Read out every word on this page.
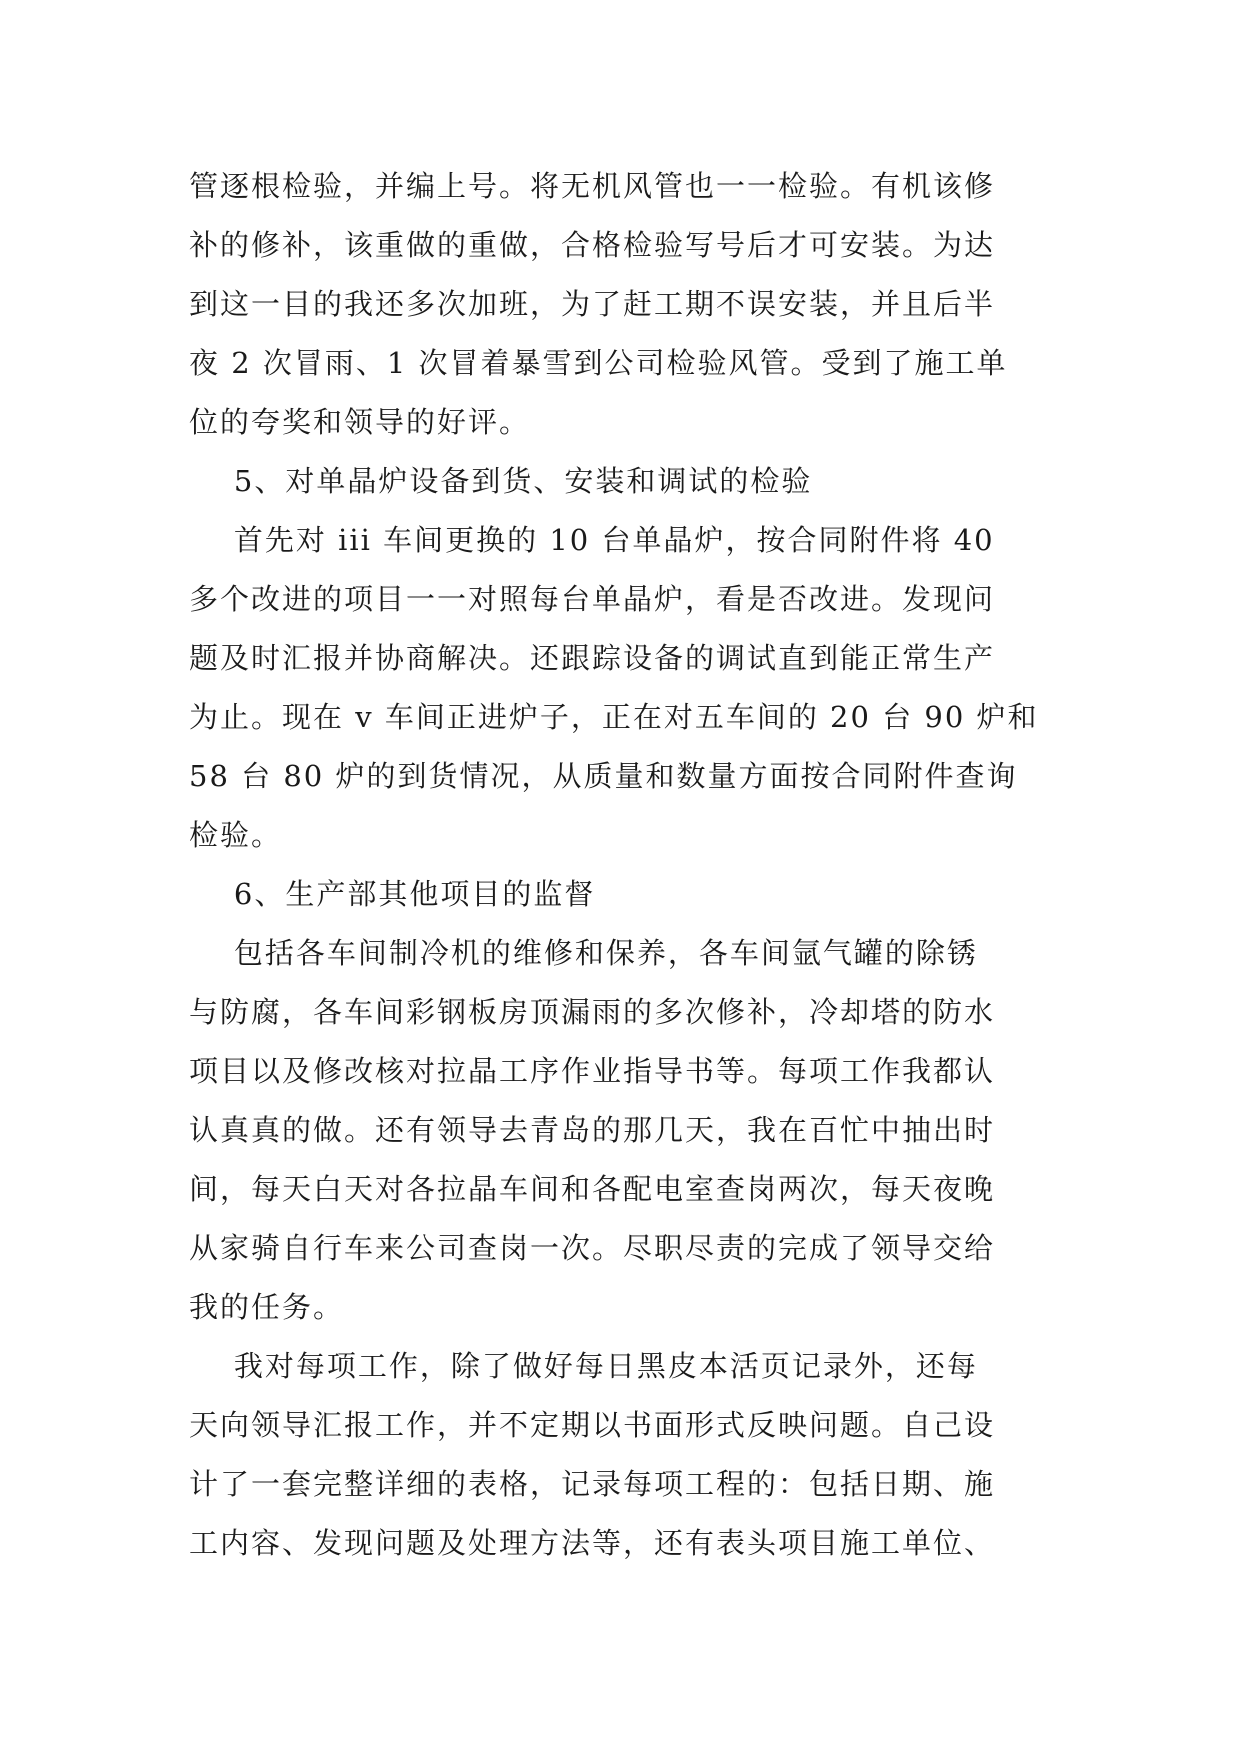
管逐根检验，并编上号。将无机风管也一一检验。有机该修
补的修补，该重做的重做，合格检验写号后才可安装。为达
到这一目的我还多次加班，为了赶工期不误安装，并且后半
夜 2 次冒雨、1 次冒着暴雪到公司检验风管。受到了施工单
位的夸奖和领导的好评。
5、对单晶炉设备到货、安装和调试的检验
首先对 iii 车间更换的 10 台单晶炉，按合同附件将 40
多个改进的项目一一对照每台单晶炉，看是否改进。发现问
题及时汇报并协商解决。还跟踪设备的调试直到能正常生产
为止。现在 v 车间正进炉子，正在对五车间的 20 台 90 炉和
58 台 80 炉的到货情况，从质量和数量方面按合同附件查询
检验。
6、生产部其他项目的监督
包括各车间制冷机的维修和保养，各车间氩气罐的除锈
与防腐，各车间彩钢板房顶漏雨的多次修补，冷却塔的防水
项目以及修改核对拉晶工序作业指导书等。每项工作我都认
认真真的做。还有领导去青岛的那几天，我在百忙中抽出时
间，每天白天对各拉晶车间和各配电室查岗两次，每天夜晚
从家骑自行车来公司查岗一次。尽职尽责的完成了领导交给
我的任务。
我对每项工作，除了做好每日黑皮本活页记录外，还每
天向领导汇报工作，并不定期以书面形式反映问题。自己设
计了一套完整详细的表格，记录每项工程的：包括日期、施
工内容、发现问题及处理方法等，还有表头项目施工单位、
